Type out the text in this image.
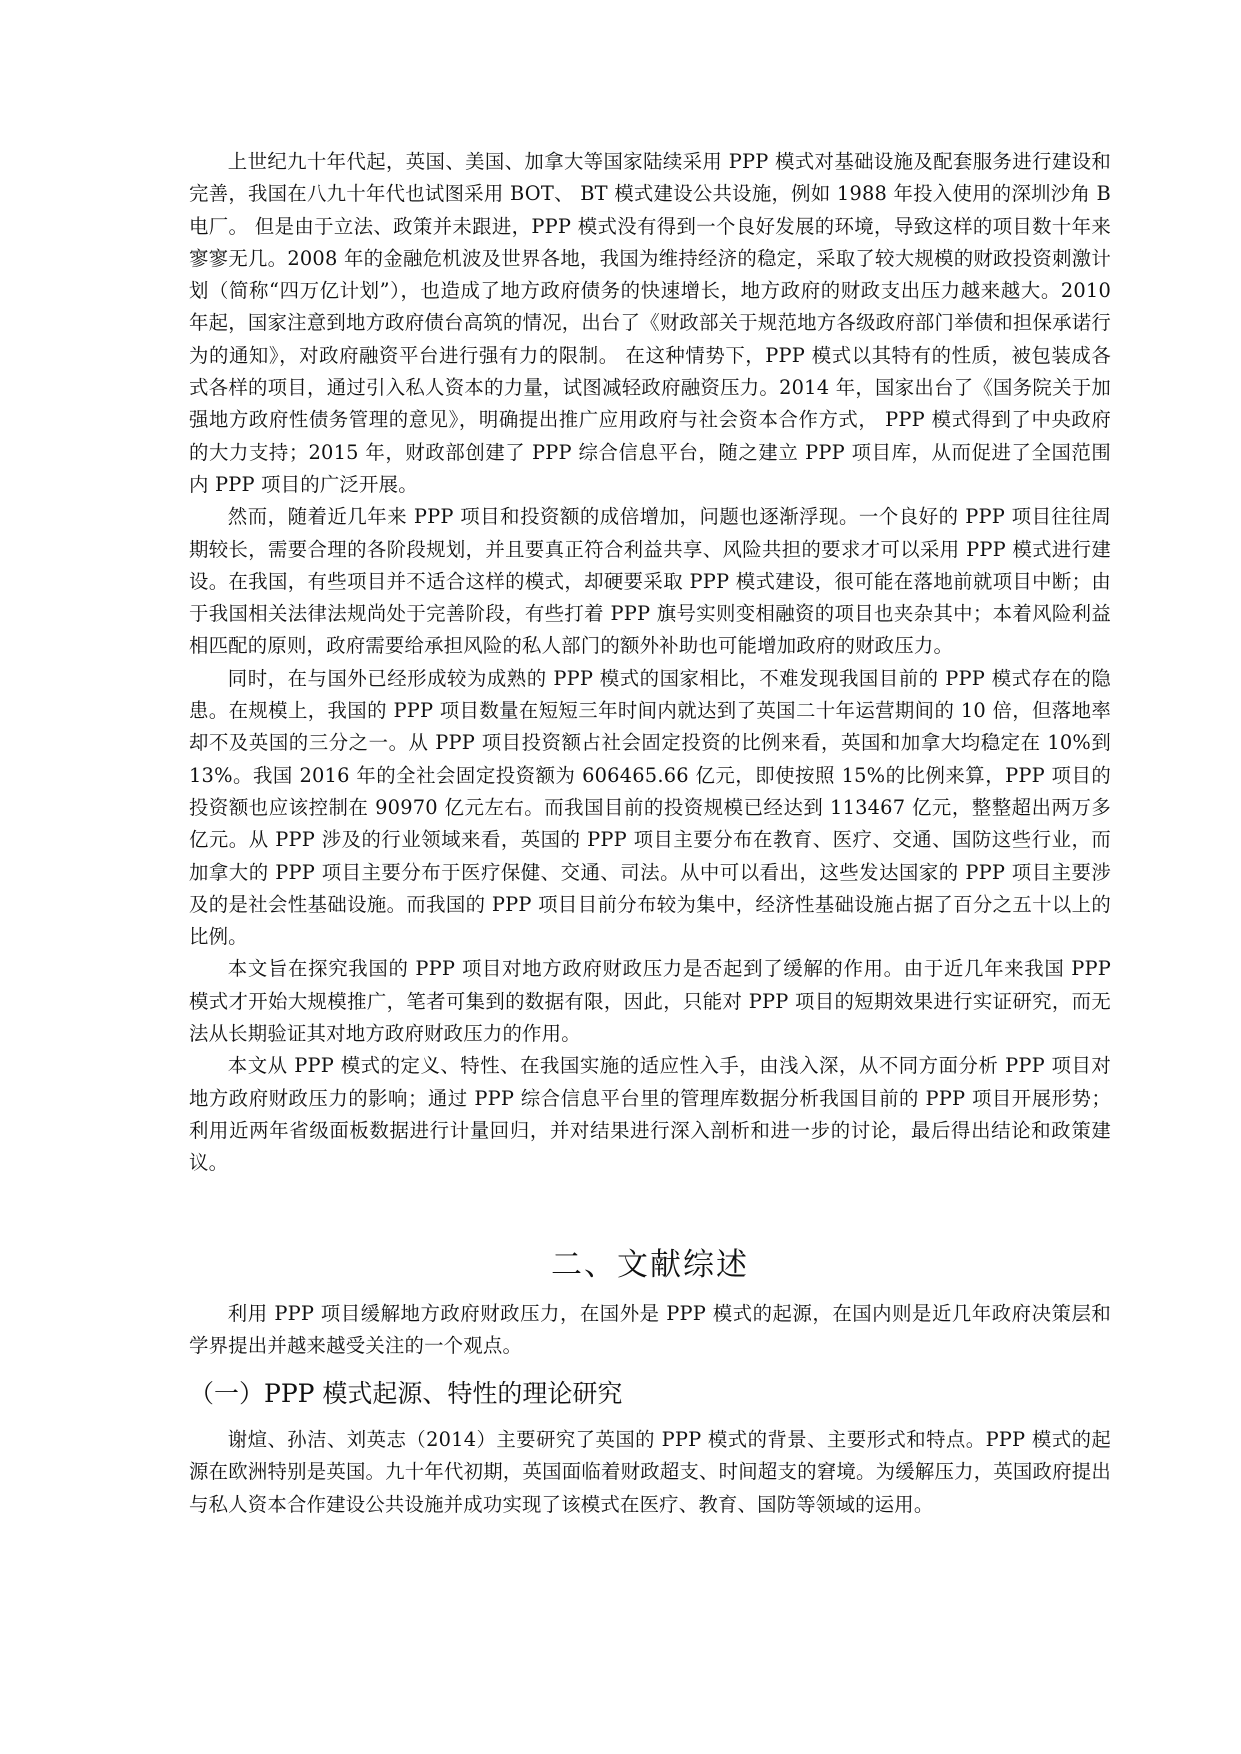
上世纪九十年代起，英国、美国、加拿大等国家陆续采用 PPP 模式对基础设施及配套服务进行建设和完善，我国在八九十年代也试图采用 BOT、 BT 模式建设公共设施，例如 1988 年投入使用的深圳沙角 B 电厂。 但是由于立法、政策并未跟进，PPP 模式没有得到一个良好发展的环境，导致这样的项目数十年来寥寥无几。2008 年的金融危机波及世界各地，我国为维持经济的稳定，采取了较大规模的财政投资刺激计划（简称“四万亿计划”），也造成了地方政府债务的快速增长，地方政府的财政支出压力越来越大。2010 年起，国家注意到地方政府债台高筑的情况，出台了《财政部关于规范地方各级政府部门举债和担保承诺行为的通知》，对政府融资平台进行强有力的限制。 在这种情势下，PPP 模式以其特有的性质，被包装成各式各样的项目，通过引入私人资本的力量，试图减轻政府融资压力。2014 年，国家出台了《国务院关于加强地方政府性债务管理的意见》，明确提出推广应用政府与社会资本合作方式， PPP 模式得到了中央政府的大力支持；2015 年，财政部创建了 PPP 综合信息平台，随之建立 PPP 项目库，从而促进了全国范围内 PPP 项目的广泛开展。

然而，随着近几年来 PPP 项目和投资额的成倍增加，问题也逐渐浮现。一个良好的 PPP 项目往往周期较长，需要合理的各阶段规划，并且要真正符合利益共享、风险共担的要求才可以采用 PPP 模式进行建设。在我国，有些项目并不适合这样的模式，却硬要采取 PPP 模式建设，很可能在落地前就项目中断；由于我国相关法律法规尚处于完善阶段，有些打着 PPP 旗号实则变相融资的项目也夹杂其中；本着风险利益相匹配的原则，政府需要给承担风险的私人部门的额外补助也可能增加政府的财政压力。

同时，在与国外已经形成较为成熟的 PPP 模式的国家相比，不难发现我国目前的 PPP 模式存在的隐患。在规模上，我国的 PPP 项目数量在短短三年时间内就达到了英国二十年运营期间的 10 倍，但落地率却不及英国的三分之一。从 PPP 项目投资额占社会固定投资的比例来看，英国和加拿大均稳定在 10%到 13%。我国 2016 年的全社会固定投资额为 606465.66 亿元，即使按照 15%的比例来算，PPP 项目的投资额也应该控制在 90970 亿元左右。而我国目前的投资规模已经达到 113467 亿元，整整超出两万多亿元。从 PPP 涉及的行业领域来看，英国的 PPP 项目主要分布在教育、医疗、交通、国防这些行业，而加拿大的 PPP 项目主要分布于医疗保健、交通、司法。从中可以看出，这些发达国家的 PPP 项目主要涉及的是社会性基础设施。而我国的 PPP 项目目前分布较为集中，经济性基础设施占据了百分之五十以上的比例。

本文旨在探究我国的 PPP 项目对地方政府财政压力是否起到了缓解的作用。由于近几年来我国 PPP 模式才开始大规模推广，笔者可集到的数据有限，因此，只能对 PPP 项目的短期效果进行实证研究，而无法从长期验证其对地方政府财政压力的作用。

本文从 PPP 模式的定义、特性、在我国实施的适应性入手，由浅入深，从不同方面分析 PPP 项目对地方政府财政压力的影响；通过 PPP 综合信息平台里的管理库数据分析我国目前的 PPP 项目开展形势；利用近两年省级面板数据进行计量回归，并对结果进行深入剖析和进一步的讨论，最后得出结论和政策建议。

二、文献综述

利用 PPP 项目缓解地方政府财政压力，在国外是 PPP 模式的起源，在国内则是近几年政府决策层和学界提出并越来越受关注的一个观点。

（一）PPP 模式起源、特性的理论研究

谢煊、孙洁、刘英志（2014）主要研究了英国的 PPP 模式的背景、主要形式和特点。PPP 模式的起源在欧洲特别是英国。九十年代初期，英国面临着财政超支、时间超支的窘境。为缓解压力，英国政府提出与私人资本合作建设公共设施并成功实现了该模式在医疗、教育、国防等领域的运用。
